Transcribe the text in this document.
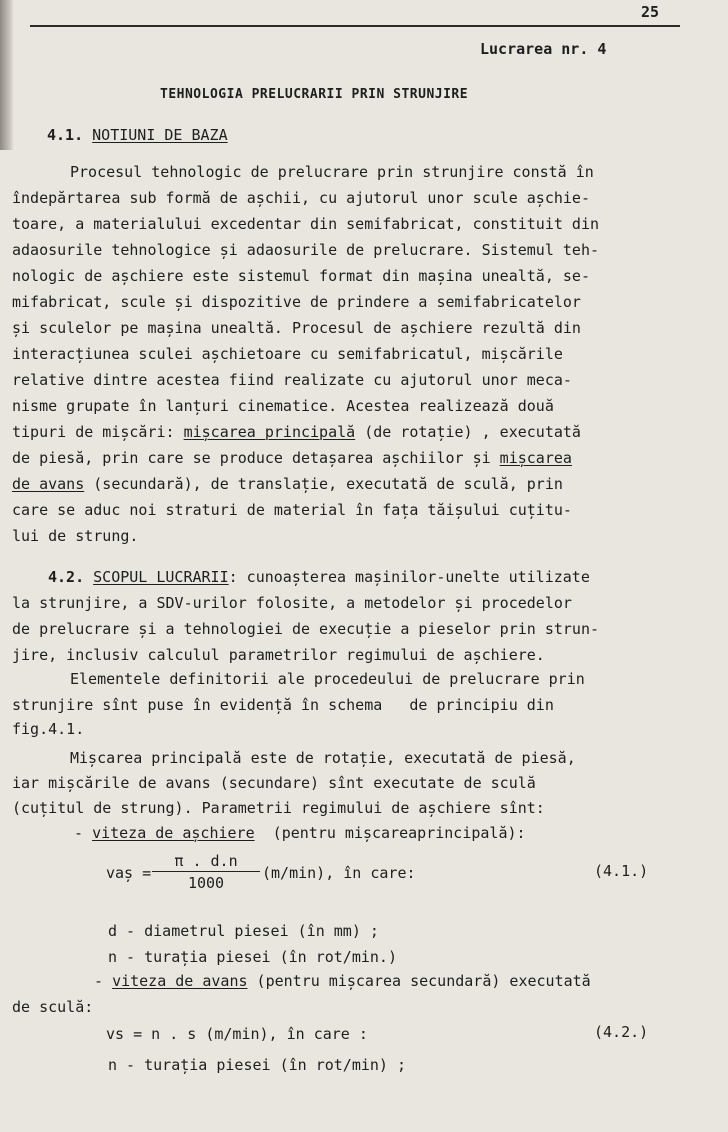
25
Lucrarea nr. 4
TEHNOLOGIA PRELUCRARII PRIN STRUNJIRE
4.1. NOTIUNI DE BAZA
Procesul tehnologic de prelucrare prin strunjire constă în
îndepărtarea sub formă de așchii, cu ajutorul unor scule așchie-
toare, a materialului excedentar din semifabricat, constituit din
adaosurile tehnologice și adaosurile de prelucrare. Sistemul teh-
nologic de așchiere este sistemul format din mașina unealtă, se-
mifabricat, scule și dispozitive de prindere a semifabricatelor
și sculelor pe mașina unealtă. Procesul de așchiere rezultă din
interacțiunea sculei așchietoare cu semifabricatul, mișcările
relative dintre acestea fiind realizate cu ajutorul unor meca-
nisme grupate în lanțuri cinematice. Acestea realizează două
tipuri de mișcări: mișcarea principală (de rotație) , executată
de piesă, prin care se produce detașarea așchiilor și mișcarea
de avans (secundară), de translație, executată de sculă, prin
care se aduc noi straturi de material în fața tăișului cuțitu-
lui de strung.
4.2. SCOPUL LUCRARII: cunoașterea mașinilor-unelte utilizate
la strunjire, a SDV-urilor folosite, a metodelor și procedelor
de prelucrare și a tehnologiei de execuție a pieselor prin strun-
jire, inclusiv calculul parametrilor regimului de așchiere.
Elementele definitorii ale procedeului de prelucrare prin
strunjire sînt puse în evidență în schema   de principiu din
fig.4.1.
Mișcarea principală este de rotație, executată de piesă,
iar mișcările de avans (secundare) sînt executate de sculă
(cuțitul de strung). Parametrii regimului de așchiere sînt:
- viteza de așchiere  (pentru mișcareaprincipală):
vaș =
$\frac{\pi . d.n}{1000} (m/\min)$, în care:	(4.1.)
d - diametrul piesei (în mm) ;
n - turația piesei (în rot/min.)
- viteza de avans (pentru mișcarea secundară) executată
de sculă:
vs = n . s (m/min), în care :	(4.2.)
n - turația piesei (în rot/min) ;
